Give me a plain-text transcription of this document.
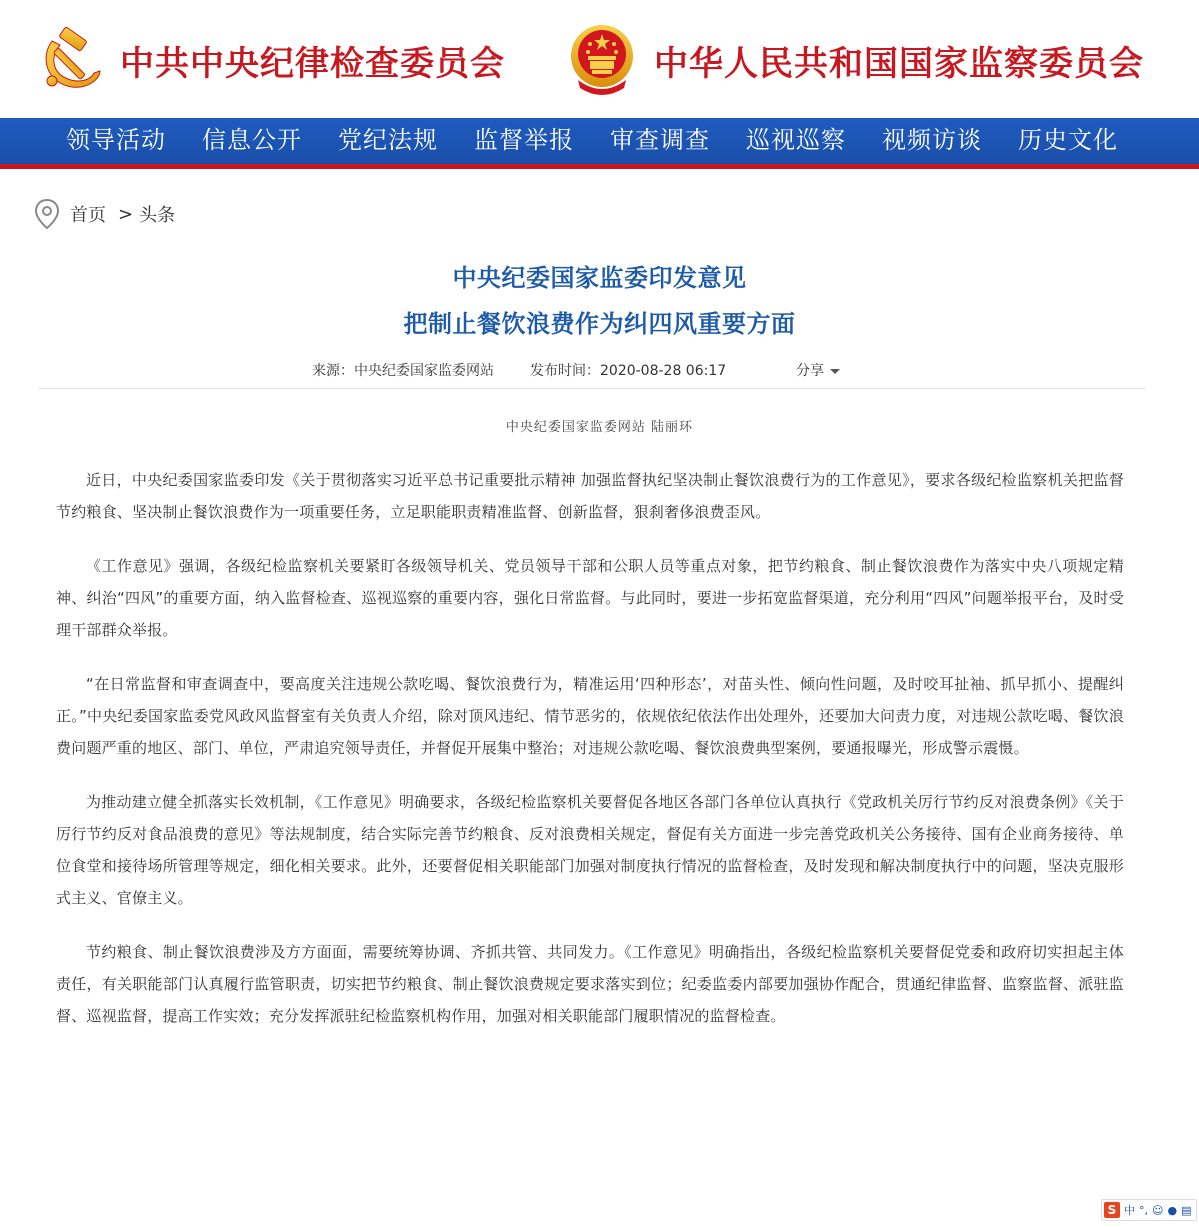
中共中央纪律检查委员会	中华人民共和国国家监察委员会
领导活动 信息公开 党纪法规 监督举报 审查调查 巡视巡察 视频访谈 历史文化
首页 > 头条
中央纪委国家监委印发意见
把制止餐饮浪费作为纠四风重要方面
来源：中央纪委国家监委网站	发布时间：2020-08-28 06:17	分享
中央纪委国家监委网站 陆丽环

近日，中央纪委国家监委印发《关于贯彻落实习近平总书记重要批示精神 加强监督执纪坚决制止餐饮浪费行为的工作意见》，要求各级纪检监察机关把监督节约粮食、坚决制止餐饮浪费作为一项重要任务，立足职能职责精准监督、创新监督，狠刹奢侈浪费歪风。

《工作意见》强调，各级纪检监察机关要紧盯各级领导机关、党员领导干部和公职人员等重点对象，把节约粮食、制止餐饮浪费作为落实中央八项规定精神、纠治“四风”的重要方面，纳入监督检查、巡视巡察的重要内容，强化日常监督。与此同时，要进一步拓宽监督渠道，充分利用“四风”问题举报平台，及时受理干部群众举报。

“在日常监督和审查调查中，要高度关注违规公款吃喝、餐饮浪费行为，精准运用‘四种形态’，对苗头性、倾向性问题，及时咬耳扯袖、抓早抓小、提醒纠正。”中央纪委国家监委党风政风监督室有关负责人介绍，除对顶风违纪、情节恶劣的，依规依纪依法作出处理外，还要加大问责力度，对违规公款吃喝、餐饮浪费问题严重的地区、部门、单位，严肃追究领导责任，并督促开展集中整治；对违规公款吃喝、餐饮浪费典型案例，要通报曝光，形成警示震慑。

为推动建立健全抓落实长效机制，《工作意见》明确要求，各级纪检监察机关要督促各地区各部门各单位认真执行《党政机关厉行节约反对浪费条例》《关于厉行节约反对食品浪费的意见》等法规制度，结合实际完善节约粮食、反对浪费相关规定，督促有关方面进一步完善党政机关公务接待、国有企业商务接待、单位食堂和接待场所管理等规定，细化相关要求。此外，还要督促相关职能部门加强对制度执行情况的监督检查，及时发现和解决制度执行中的问题，坚决克服形式主义、官僚主义。

节约粮食、制止餐饮浪费涉及方方面面，需要统筹协调、齐抓共管、共同发力。《工作意见》明确指出，各级纪检监察机关要督促党委和政府切实担起主体责任，有关职能部门认真履行监管职责，切实把节约粮食、制止餐饮浪费规定要求落实到位；纪委监委内部要加强协作配合，贯通纪律监督、监察监督、派驻监督、巡视监督，提高工作实效；充分发挥派驻纪检监察机构作用，加强对相关职能部门履职情况的监督检查。

S 中 °, ☺ ● ▤
